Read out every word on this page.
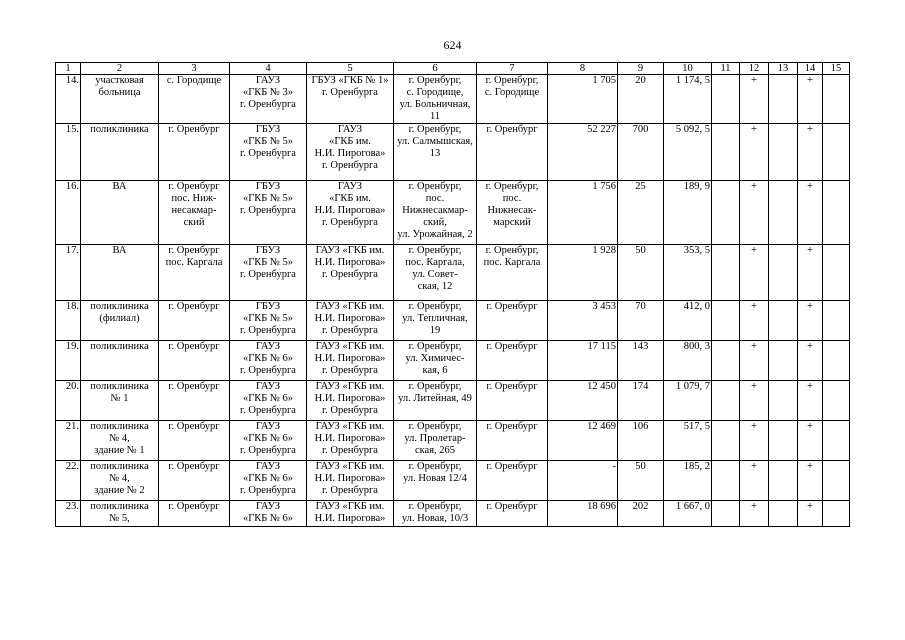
624
1	2	3	4	5	6	7	8	9	10	11	12	13	14	15
14.	участковая
больница	с. Городище	ГАУЗ
«ГКБ № 3»
г. Оренбурга	ГБУЗ «ГКБ № 1»
г. Оренбурга	г. Оренбург,
с. Городище,
ул. Больничная,
11	г. Оренбург,
с. Городище	1 705	20	1 174, 5		+		+	
15.	поликлиника	г. Оренбург	ГБУЗ
«ГКБ № 5»
г. Оренбурга	ГАУЗ
«ГКБ им.
Н.И. Пирогова»
г. Оренбурга	г. Оренбург,
ул. Салмышская,
13	г. Оренбург	52 227	700	5 092, 5		+		+	
16.	ВА	г. Оренбург
пос. Ниж-
несакмар-
ский	ГБУЗ
«ГКБ № 5»
г. Оренбурга	ГАУЗ
«ГКБ им.
Н.И. Пирогова»
г. Оренбурга	г. Оренбург,
пос.
Нижнесакмар-
ский,
ул. Урожайная, 2	г. Оренбург,
пос.
Нижнесак-
марский	1 756	25	189, 9		+		+	
17.	ВА	г. Оренбург
пос. Каргала	ГБУЗ
«ГКБ № 5»
г. Оренбурга	ГАУЗ «ГКБ им.
Н.И. Пирогова»
г. Оренбурга	г. Оренбург,
пос. Каргала,
ул. Совет-
ская, 12	г. Оренбург,
пос. Каргала	1 928	50	353, 5		+		+	
18.	поликлиника
(филиал)	г. Оренбург	ГБУЗ
«ГКБ № 5»
г. Оренбурга	ГАУЗ «ГКБ им.
Н.И. Пирогова»
г. Оренбурга	г. Оренбург,
ул. Тепличная,
19	г. Оренбург	3 453	70	412, 0		+		+	
19.	поликлиника	г. Оренбург	ГАУЗ
«ГКБ № 6»
г. Оренбурга	ГАУЗ «ГКБ им.
Н.И. Пирогова»
г. Оренбурга	г. Оренбург,
ул. Химичес-
кая, 6	г. Оренбург	17 115	143	800, 3		+		+	
20.	поликлиника
№ 1	г. Оренбург	ГАУЗ
«ГКБ № 6»
г. Оренбурга	ГАУЗ «ГКБ им.
Н.И. Пирогова»
г. Оренбурга	г. Оренбург,
ул. Литейная, 49	г. Оренбург	12 450	174	1 079, 7		+		+	
21.	поликлиника
№ 4,
здание № 1	г. Оренбург	ГАУЗ
«ГКБ № 6»
г. Оренбурга	ГАУЗ «ГКБ им.
Н.И. Пирогова»
г. Оренбурга	г. Оренбург,
ул. Пролетар-
ская, 265	г. Оренбург	12 469	106	517, 5		+		+	
22.	поликлиника
№ 4,
здание № 2	г. Оренбург	ГАУЗ
«ГКБ № 6»
г. Оренбурга	ГАУЗ «ГКБ им.
Н.И. Пирогова»
г. Оренбурга	г. Оренбург,
ул. Новая 12/4	г. Оренбург	-	50	185, 2		+		+	
23.	поликлиника
№ 5,	г. Оренбург	ГАУЗ
«ГКБ № 6»	ГАУЗ «ГКБ им.
Н.И. Пирогова»	г. Оренбург,
ул. Новая, 10/3	г. Оренбург	18 696	202	1 667, 0		+		+	
